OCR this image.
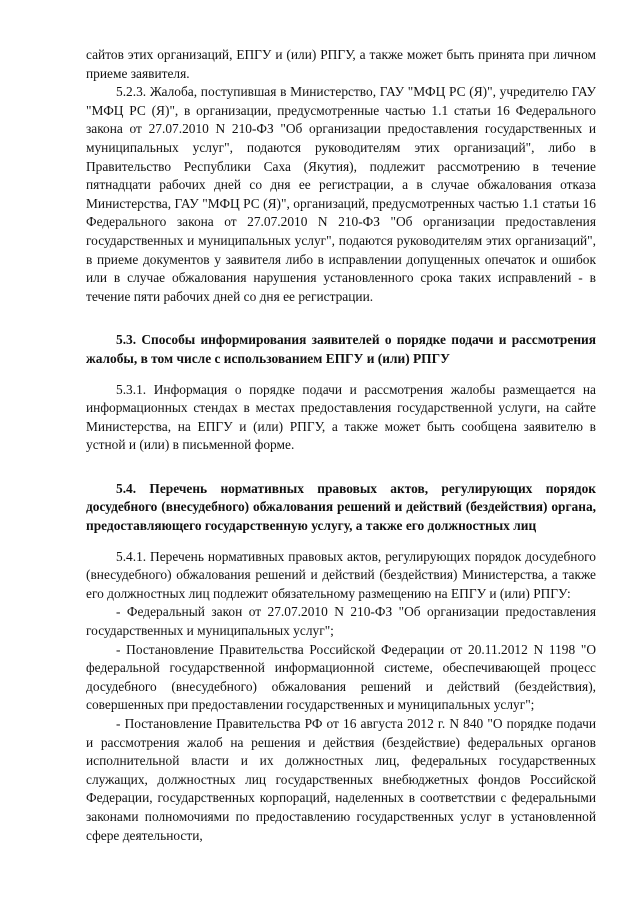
сайтов этих организаций, ЕПГУ и (или) РПГУ, а также может быть принята при личном приеме заявителя.

5.2.3. Жалоба, поступившая в Министерство, ГАУ "МФЦ РС (Я)", учредителю ГАУ "МФЦ РС (Я)", в организации, предусмотренные частью 1.1 статьи 16 Федерального закона от 27.07.2010 N 210-ФЗ "Об организации предоставления государственных и муниципальных услуг", подаются руководителям этих организаций", либо в Правительство Республики Саха (Якутия), подлежит рассмотрению в течение пятнадцати рабочих дней со дня ее регистрации, а в случае обжалования отказа Министерства, ГАУ "МФЦ РС (Я)", организаций, предусмотренных частью 1.1 статьи 16 Федерального закона от 27.07.2010 N 210-ФЗ "Об организации предоставления государственных и муниципальных услуг", подаются руководителям этих организаций", в приеме документов у заявителя либо в исправлении допущенных опечаток и ошибок или в случае обжалования нарушения установленного срока таких исправлений - в течение пяти рабочих дней со дня ее регистрации.

5.3. Способы информирования заявителей о порядке подачи и рассмотрения жалобы, в том числе с использованием ЕПГУ и (или) РПГУ

5.3.1. Информация о порядке подачи и рассмотрения жалобы размещается на информационных стендах в местах предоставления государственной услуги, на сайте Министерства, на ЕПГУ и (или) РПГУ, а также может быть сообщена заявителю в устной и (или) в письменной форме.

5.4. Перечень нормативных правовых актов, регулирующих порядок досудебного (внесудебного) обжалования решений и действий (бездействия) органа, предоставляющего государственную услугу, а также его должностных лиц

5.4.1. Перечень нормативных правовых актов, регулирующих порядок досудебного (внесудебного) обжалования решений и действий (бездействия) Министерства, а также его должностных лиц подлежит обязательному размещению на ЕПГУ и (или) РПГУ:

- Федеральный закон от 27.07.2010 N 210-ФЗ "Об организации предоставления государственных и муниципальных услуг";

- Постановление Правительства Российской Федерации от 20.11.2012 N 1198 "О федеральной государственной информационной системе, обеспечивающей процесс досудебного (внесудебного) обжалования решений и действий (бездействия), совершенных при предоставлении государственных и муниципальных услуг";

- Постановление Правительства РФ от 16 августа 2012 г. N 840 "О порядке подачи и рассмотрения жалоб на решения и действия (бездействие) федеральных органов исполнительной власти и их должностных лиц, федеральных государственных служащих, должностных лиц государственных внебюджетных фондов Российской Федерации, государственных корпораций, наделенных в соответствии с федеральными законами полномочиями по предоставлению государственных услуг в установленной сфере деятельности,
